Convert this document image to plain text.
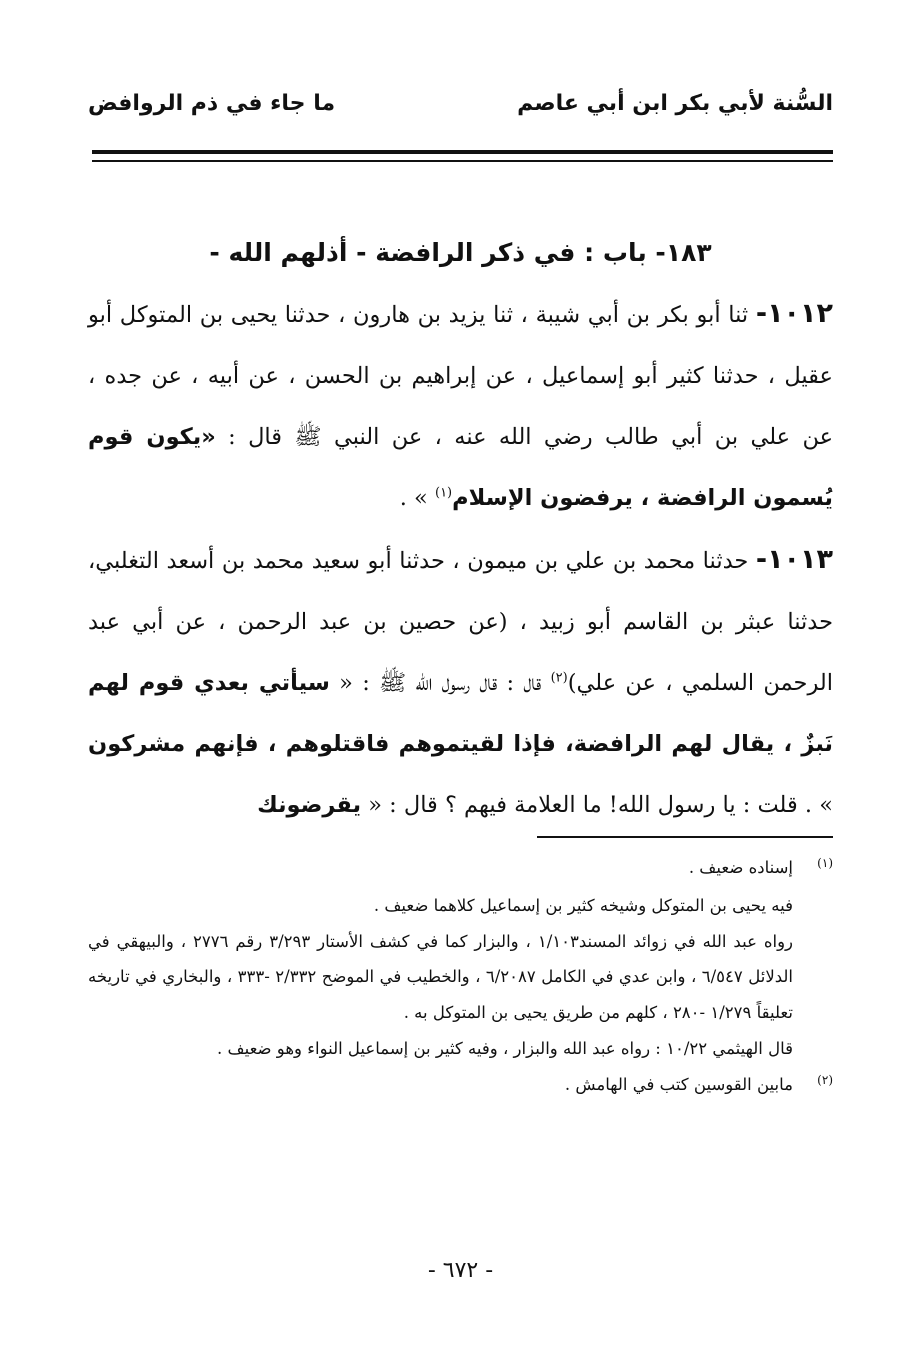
السُّنة لأبي بكر ابن أبي عاصم
ما جاء في ذم الروافض
١٨٣- باب : في ذكر الرافضة - أذلهم الله -

١٠١٢- ثنا أبو بكر بن أبي شيبة ، ثنا يزيد بن هارون ، حدثنا يحيى بن المتوكل أبو عقيل ، حدثنا كثير أبو إسماعيل ، عن إبراهيم بن الحسن ، عن أبيه ، عن جده ، عن علي بن أبي طالب رضي الله عنه ، عن النبي ﷺ قال : «يكون قوم يُسمون الرافضة ، يرفضون الإسلام$^{(١)}$ » .

١٠١٣- حدثنا محمد بن علي بن ميمون ، حدثنا أبو سعيد محمد بن أسعد التغلبي، حدثنا عبثر بن القاسم أبو زبيد ، (عن حصين بن عبد الرحمن ، عن أبي عبد الرحمن السلمي ، عن علي)$^{(٢)}$ قال : قال رسول الله ﷺ : « سيأتي بعدي قوم لهم نَبزٌ ، يقال لهم الرافضة، فإذا لقيتموهم فاقتلوهم ، فإنهم مشركون » . قلت : يا رسول الله! ما العلامة فيهم ؟ قال : « يقرضونك

(١)
إسناده ضعيف .
فيه يحيى بن المتوكل وشيخه كثير بن إسماعيل كلاهما ضعيف .
رواه عبد الله في زوائد المسند١/١٠٣ ، والبزار كما في كشف الأستار ٣/٢٩٣ رقم ٢٧٧٦ ، والبيهقي في الدلائل ٦/٥٤٧ ، وابن عدي في الكامل ٦/٢٠٨٧ ، والخطيب في الموضح ٢/٣٣٢ -٣٣٣ ، والبخاري في تاريخه تعليقاً ١/٢٧٩ -٢٨٠ ، كلهم من طريق يحيى بن المتوكل به .
قال الهيثمي ١٠/٢٢ : رواه عبد الله والبزار ، وفيه كثير بن إسماعيل النواء وهو ضعيف .
(٢)
مابين القوسين كتب في الهامش .
- ٦٧٢ -
